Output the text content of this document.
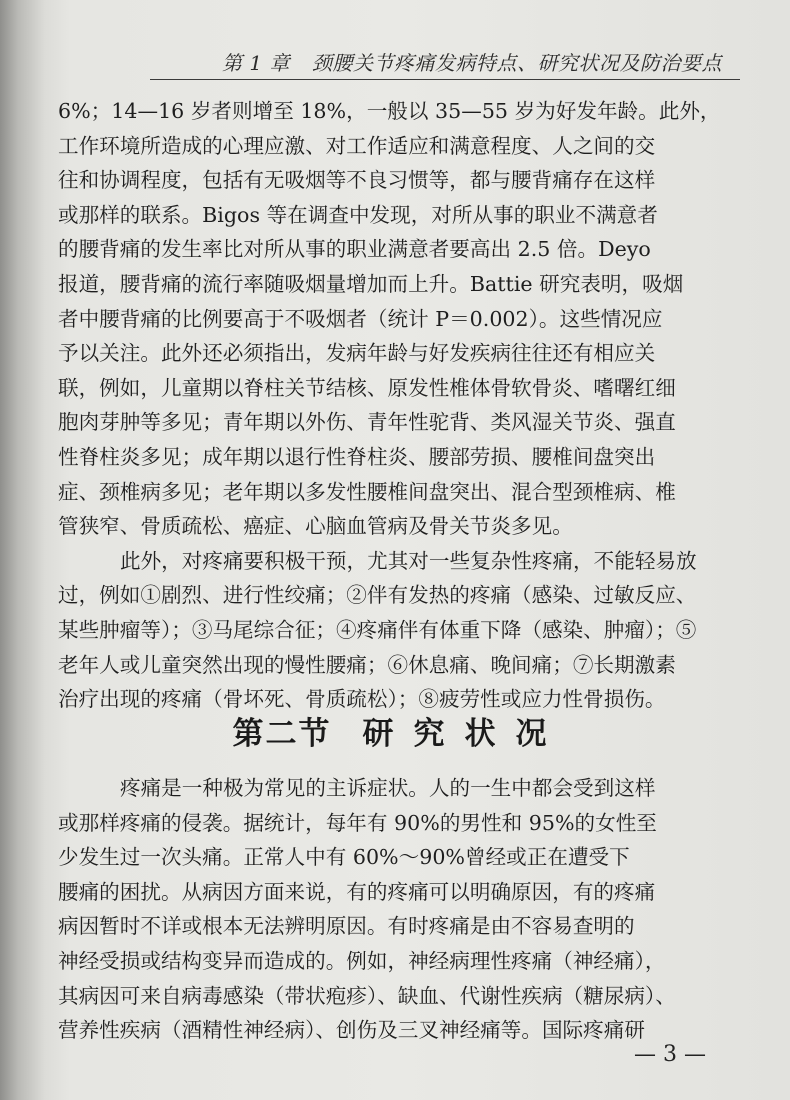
第 1 章 颈腰关节疼痛发病特点、研究状况及防治要点

6%；14—16 岁者则增至 18%，一般以 35—55 岁为好发年龄。此外，

工作环境所造成的心理应激、对工作适应和满意程度、人之间的交

往和协调程度，包括有无吸烟等不良习惯等，都与腰背痛存在这样

或那样的联系。Bigos 等在调查中发现，对所从事的职业不满意者

的腰背痛的发生率比对所从事的职业满意者要高出 2.5 倍。Deyo

报道，腰背痛的流行率随吸烟量增加而上升。Battie 研究表明，吸烟

者中腰背痛的比例要高于不吸烟者（统计 P＝0.002）。这些情况应

予以关注。此外还必须指出，发病年龄与好发疾病往往还有相应关

联，例如，儿童期以脊柱关节结核、原发性椎体骨软骨炎、嗜曙红细

胞肉芽肿等多见；青年期以外伤、青年性驼背、类风湿关节炎、强直

性脊柱炎多见；成年期以退行性脊柱炎、腰部劳损、腰椎间盘突出

症、颈椎病多见；老年期以多发性腰椎间盘突出、混合型颈椎病、椎

管狭窄、骨质疏松、癌症、心脑血管病及骨关节炎多见。

此外，对疼痛要积极干预，尤其对一些复杂性疼痛，不能轻易放

过，例如①剧烈、进行性绞痛；②伴有发热的疼痛（感染、过敏反应、

某些肿瘤等）；③马尾综合征；④疼痛伴有体重下降（感染、肿瘤）；⑤

老年人或儿童突然出现的慢性腰痛；⑥休息痛、晚间痛；⑦长期激素

治疗出现的疼痛（骨坏死、骨质疏松）；⑧疲劳性或应力性骨损伤。

第二节 研 究 状 况

疼痛是一种极为常见的主诉症状。人的一生中都会受到这样

或那样疼痛的侵袭。据统计，每年有 90%的男性和 95%的女性至

少发生过一次头痛。正常人中有 60%～90%曾经或正在遭受下

腰痛的困扰。从病因方面来说，有的疼痛可以明确原因，有的疼痛

病因暂时不详或根本无法辨明原因。有时疼痛是由不容易查明的

神经受损或结构变异而造成的。例如，神经病理性疼痛（神经痛），

其病因可来自病毒感染（带状疱疹）、缺血、代谢性疾病（糖尿病）、

营养性疾病（酒精性神经病）、创伤及三叉神经痛等。国际疼痛研

— 3 —
